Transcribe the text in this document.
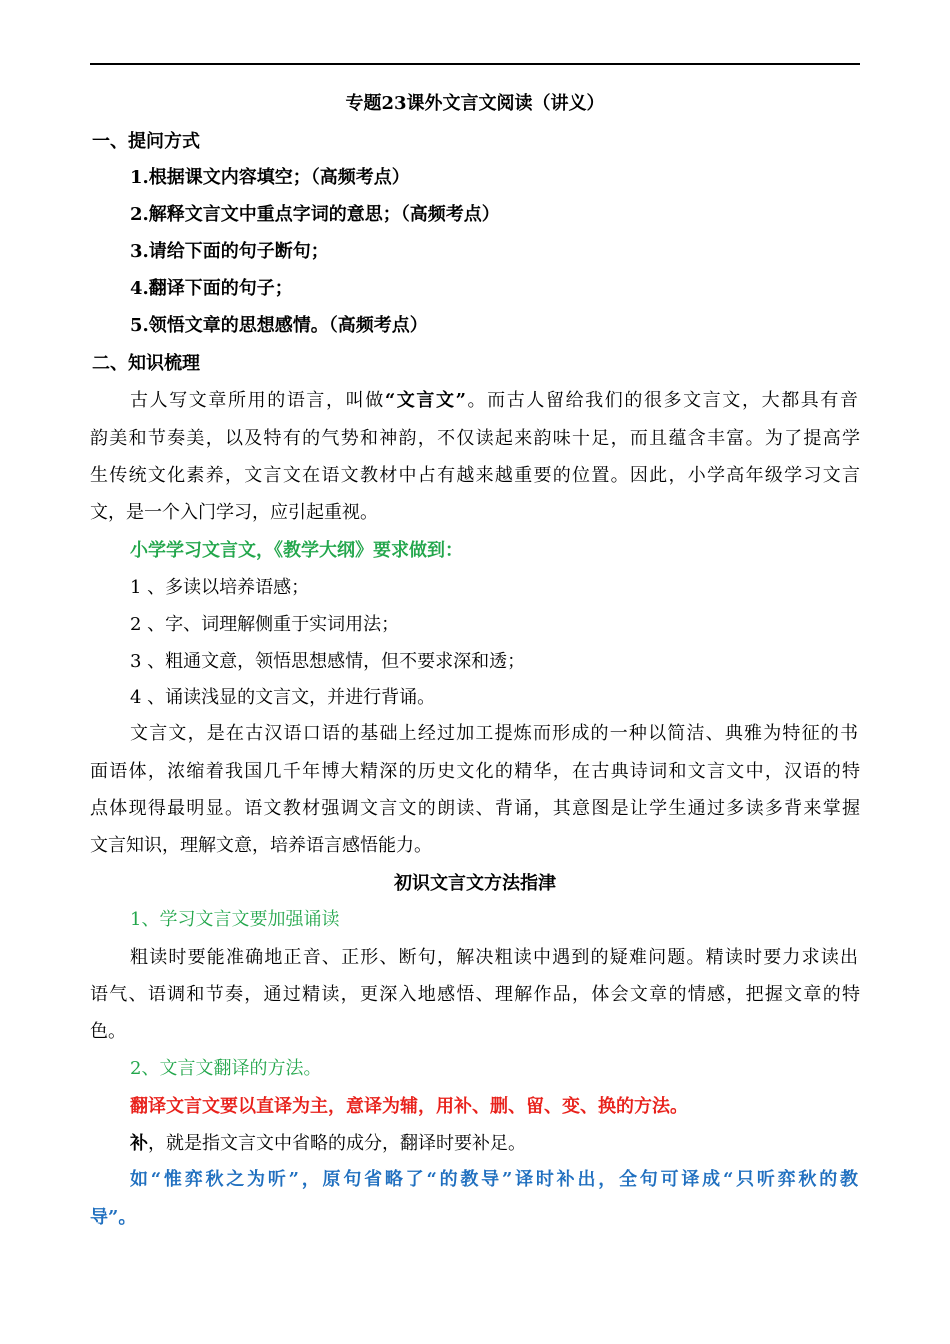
专题23课外文言文阅读（讲义）
一、提问方式
1.根据课文内容填空；（高频考点）
2.解释文言文中重点字词的意思；（高频考点）
3.请给下面的句子断句；
4.翻译下面的句子；
5.领悟文章的思想感情。（高频考点）
二、知识梳理
古人写文章所用的语言，叫做“文言文”。而古人留给我们的很多文言文，大都具有音
韵美和节奏美，以及特有的气势和神韵，不仅读起来韵味十足，而且蕴含丰富。为了提高学
生传统文化素养，文言文在语文教材中占有越来越重要的位置。因此，小学高年级学习文言
文，是一个入门学习，应引起重视。
小学学习文言文，《教学大纲》要求做到：
1 、多读以培养语感；
2 、字、词理解侧重于实词用法；
3 、粗通文意，领悟思想感情，但不要求深和透；
4 、诵读浅显的文言文，并进行背诵。
文言文，是在古汉语口语的基础上经过加工提炼而形成的一种以简洁、典雅为特征的书
面语体，浓缩着我国几千年博大精深的历史文化的精华，在古典诗词和文言文中，汉语的特
点体现得最明显。语文教材强调文言文的朗读、背诵，其意图是让学生通过多读多背来掌握
文言知识，理解文意，培养语言感悟能力。
初识文言文方法指津
1、学习文言文要加强诵读
粗读时要能准确地正音、正形、断句，解决粗读中遇到的疑难问题。精读时要力求读出
语气、语调和节奏，通过精读，更深入地感悟、理解作品，体会文章的情感，把握文章的特
色。
2、文言文翻译的方法。
翻译文言文要以直译为主，意译为辅，用补、删、留、变、换的方法。
补，就是指文言文中省略的成分，翻译时要补足。
如“惟弈秋之为听”，原句省略了“的教导”译时补出，全句可译成“只听弈秋的教
导”。
